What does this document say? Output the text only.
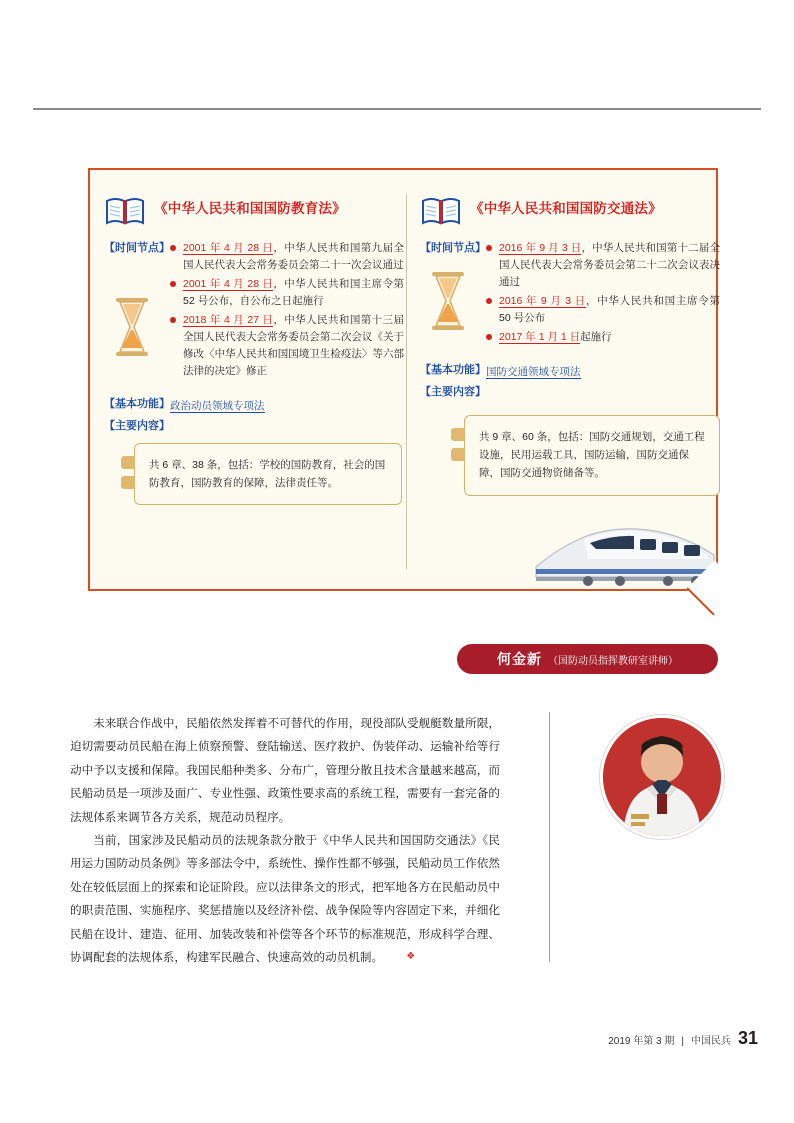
《中华人民共和国国防教育法》
【时间节点】	2001 年 4 月 28 日，中华人民共和国第九届全国人民代表大会常务委员会第二十一次会议通过
2001 年 4 月 28 日，中华人民共和国主席令第 52 号公布，自公布之日起施行
2018 年 4 月 27 日，中华人民共和国第十三届全国人民代表大会常务委员会第二次会议《关于修改〈中华人民共和国国境卫生检疫法〉等六部法律的决定》修正
【基本功能】 政治动员领域专项法
【主要内容】
共 6 章、38 条，包括：学校的国防教育，社会的国防教育，国防教育的保障，法律责任等。
《中华人民共和国国防交通法》
【时间节点】	2016 年 9 月 3 日，中华人民共和国第十二届全国人民代表大会常务委员会第二十二次会议表决通过
2016 年 9 月 3 日，中华人民共和国主席令第 50 号公布
2017 年 1 月 1 日起施行
【基本功能】 国防交通领域专项法
【主要内容】
共 9 章、60 条，包括：国防交通规划，交通工程设施，民用运载工具，国防运输，国防交通保障，国防交通物资储备等。
何金新 （国防动员指挥教研室讲师）

未来联合作战中，民船依然发挥着不可替代的作用，现役部队受舰艇数量所限，迫切需要动员民船在海上侦察预警、登陆输送、医疗救护、伪装佯动、运输补给等行动中予以支援和保障。我国民船种类多、分布广，管理分散且技术含量越来越高，而民船动员是一项涉及面广、专业性强、政策性要求高的系统工程，需要有一套完备的法规体系来调节各方关系，规范动员程序。

当前，国家涉及民船动员的法规条款分散于《中华人民共和国国防交通法》《民用运力国防动员条例》等多部法令中，系统性、操作性都不够强，民船动员工作依然处在较低层面上的探索和论证阶段。应以法律条文的形式，把军地各方在民船动员中的职责范围、实施程序、奖惩措施以及经济补偿、战争保险等内容固定下来，并细化民船在设计、建造、征用、加装改装和补偿等各个环节的标准规范，形成科学合理、协调配套的法规体系，构建军民融合、快速高效的动员机制。 ❖

2019 年第 3 期 | 中国民兵 31
